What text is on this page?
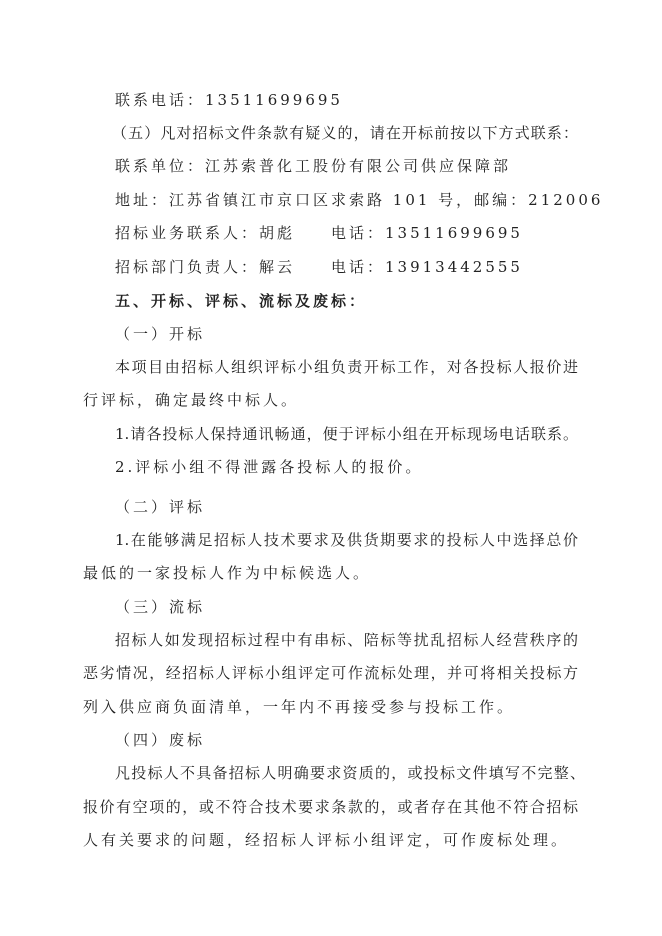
联系电话：13511699695
（五）凡对招标文件条款有疑义的，请在开标前按以下方式联系：
联系单位：江苏索普化工股份有限公司供应保障部
地址：江苏省镇江市京口区求索路 101 号，邮编：212006
招标业务联系人：胡彪　　电话：13511699695
招标部门负责人：解云　　电话：13913442555
五、开标、评标、流标及废标：
（一）开标
本项目由招标人组织评标小组负责开标工作，对各投标人报价进
行评标，确定最终中标人。
1.请各投标人保持通讯畅通，便于评标小组在开标现场电话联系。
2.评标小组不得泄露各投标人的报价。
（二）评标
1.在能够满足招标人技术要求及供货期要求的投标人中选择总价
最低的一家投标人作为中标候选人。
（三）流标
招标人如发现招标过程中有串标、陪标等扰乱招标人经营秩序的
恶劣情况，经招标人评标小组评定可作流标处理，并可将相关投标方
列入供应商负面清单，一年内不再接受参与投标工作。
（四）废标
凡投标人不具备招标人明确要求资质的，或投标文件填写不完整、
报价有空项的，或不符合技术要求条款的，或者存在其他不符合招标
人有关要求的问题，经招标人评标小组评定，可作废标处理。
